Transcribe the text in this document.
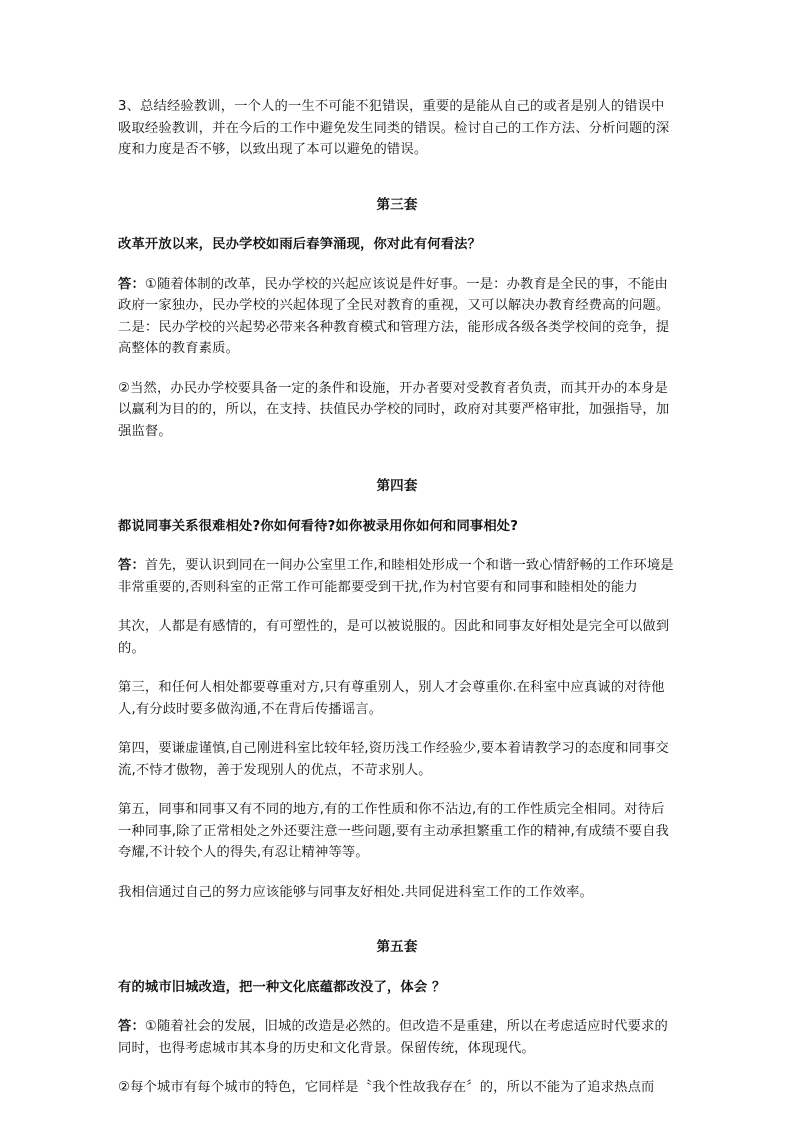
3、总结经验教训，一个人的一生不可能不犯错误，重要的是能从自己的或者是别人的错误中吸取经验教训，并在今后的工作中避免发生同类的错误。检讨自己的工作方法、分析问题的深度和力度是否不够，以致出现了本可以避免的错误。

第三套

改革开放以来，民办学校如雨后春笋涌现，你对此有何看法？

答：①随着体制的改革，民办学校的兴起应该说是件好事。一是：办教育是全民的事，不能由政府一家独办，民办学校的兴起体现了全民对教育的重视，又可以解决办教育经费高的问题。二是：民办学校的兴起势必带来各种教育模式和管理方法，能形成各级各类学校间的竞争，提高整体的教育素质。

②当然，办民办学校要具备一定的条件和设施，开办者要对受教育者负责，而其开办的本身是以赢利为目的的，所以，在支持、扶值民办学校的同时，政府对其要严格审批，加强指导，加强监督。

第四套

都说同事关系很难相处?你如何看待?如你被录用你如何和同事相处?

答：首先，要认识到同在一间办公室里工作,和睦相处形成一个和谐一致心情舒畅的工作环境是非常重要的,否则科室的正常工作可能都要受到干扰,作为村官要有和同事和睦相处的能力

其次，人都是有感情的，有可塑性的，是可以被说服的。因此和同事友好相处是完全可以做到的。

第三，和任何人相处都要尊重对方,只有尊重别人，别人才会尊重你.在科室中应真诚的对待他人,有分歧时要多做沟通,不在背后传播谣言。

第四，要谦虚谨慎,自己刚进科室比较年轻,资历浅工作经验少,要本着请教学习的态度和同事交流,不恃才傲物，善于发现别人的优点，不苛求别人。

第五，同事和同事又有不同的地方,有的工作性质和你不沾边,有的工作性质完全相同。对待后一种同事,除了正常相处之外还要注意一些问题,要有主动承担繁重工作的精神,有成绩不要自我夸耀,不计较个人的得失,有忍让精神等等。

我相信通过自己的努力应该能够与同事友好相处.共同促进科室工作的工作效率。

第五套

有的城市旧城改造，把一种文化底蕴都改没了，体会 ？

答：①随着社会的发展，旧城的改造是必然的。但改造不是重建，所以在考虑适应时代要求的同时，也得考虑城市其本身的历史和文化背景。保留传统，体现现代。

②每个城市有每个城市的特色，它同样是〝我个性故我存在〞的，所以不能为了追求热点而
